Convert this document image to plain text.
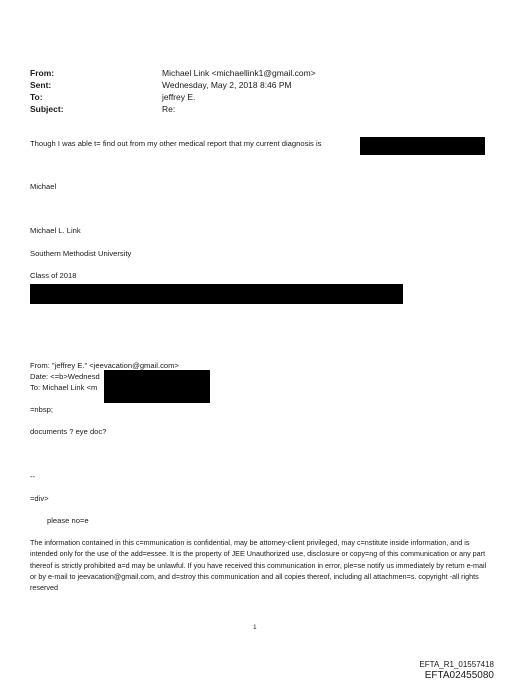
From:	Michael Link <michaellink1@gmail.com>
Sent:	Wednesday, May 2, 2018 8:46 PM
To:	jeffrey E.
Subject:	Re:
Though I was able t= find out from my other medical report that my current diagnosis is
Michael
Michael L. Link
Southern Methodist University
Class of 2018
From: "jeffrey E." <jeevacation@gmail.com>
Date: <=b>Wednesd
To: Michael Link <m
=nbsp;
documents ? eye doc?
--
=div>
please no=e
The information contained in this c=mmunication is confidential, may be attorney-client privileged, may c=nstitute inside information, and is intended only for the use of the add=essee. It is the property of JEE Unauthorized use, disclosure or copy=ng of this communication or any part thereof is strictly prohibited a=d may be unlawful. If you have received this communication in error, ple=se notify us immediately by return e-mail or by e-mail to jeevacation@gmail.com, and d=stroy this communication and all copies thereof, including all attachmen=s. copyright -all rights reserved
1
EFTA_R1_01557418
EFTA02455080
